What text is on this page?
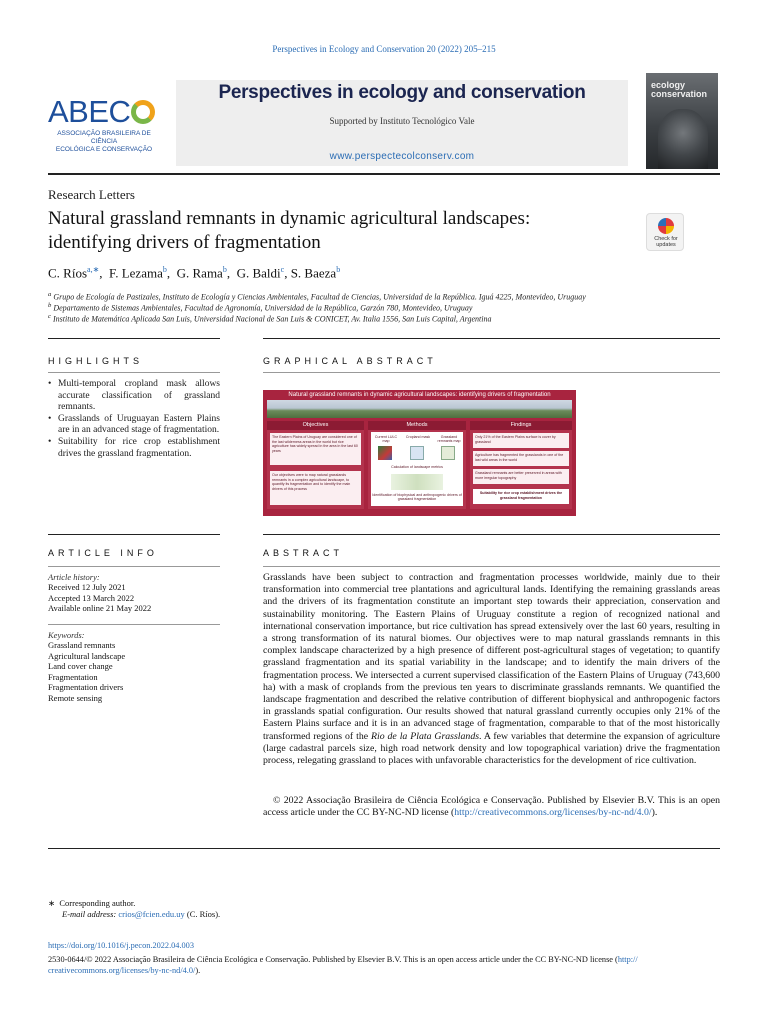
Perspectives in Ecology and Conservation 20 (2022) 205–215
ABEC
ASSOCIAÇÃO BRASILEIRA DE CIÊNCIA
ECOLÓGICA E CONSERVAÇÃO
Perspectives in ecology and conservation
Supported by Instituto Tecnológico Vale
www.perspectecolconserv.com
ecology conservation
Research Letters
Natural grassland remnants in dynamic agricultural landscapes:
identifying drivers of fragmentation	Check for updates
C. Ríos$^{a,∗}$,  F. Lezama$^b$,  G. Rama$^b$,  G. Baldi$^c$, S. Baeza$^b$
$^a$ Grupo de Ecología de Pastizales, Instituto de Ecología y Ciencias Ambientales, Facultad de Ciencias, Universidad de la República. Iguá 4225, Montevideo, Uruguay
$^b$ Departamento de Sistemas Ambientales, Facultad de Agronomía, Universidad de la República, Garzón 780, Montevideo, Uruguay
$^c$ Instituto de Matemática Aplicada San Luis, Universidad Nacional de San Luis & CONICET, Av. Italia 1556, San Luis Capital, Argentina
HIGHLIGHTS	GRAPHICAL ABSTRACT
• Multi-temporal cropland mask allows accurate classification of grassland remnants.
• Grasslands of Uruguayan Eastern Plains are in an advanced stage of fragmentation.
• Suitability for rice crop establishment drives the grassland fragmentation.
Natural grassland remnants in dynamic agricultural landscapes: identifying drivers of fragmentation
Objectives
The Eastern Plains of Uruguay are considered one of the last wilderness areas in the world but rice agriculture has widely spread in the area in the last 60 years
Our objectives were to map natural grasslands remnants in a complex agricultural landscape, to quantify its fragmentation and to identify the main drivers of this process
Methods
Current LULC map
Cropland mask	Grassland remnants map
Calculation of landscape metrics
Identification of biophysical and anthropogenic drivers of grassland fragmentation
Findings
Only 21% of the Eastern Plains surface is cover by grassland
Agriculture has fragmented the grasslands in one of the last wild areas in the world
Grassland remnants are better preserved in areas with more irregular topography
Suitability for rice crop establishment drives the grassland fragmentation
ARTICLE INFO	ABSTRACT
Article history:
Received 12 July 2021
Accepted 13 March 2022
Available online 21 May 2022
Keywords:
Grassland remnants
Agricultural landscape
Land cover change
Fragmentation
Fragmentation drivers
Remote sensing
Grasslands have been subject to contraction and fragmentation processes worldwide, mainly due to their transformation into commercial tree plantations and agricultural lands. Identifying the remaining grasslands areas and the drivers of its fragmentation constitute an important step towards their appreciation, conservation and sustainability monitoring. The Eastern Plains of Uruguay constitute a region of recognized national and international conservation importance, but rice cultivation has spread extensively over the last 60 years, resulting in a strong transformation of its natural biomes. Our objectives were to map natural grasslands remnants in this complex landscape characterized by a high presence of different post-agricultural stages of vegetation; to quantify grassland fragmentation and its spatial variability in the landscape; and to identify the main drivers of the fragmentation process. We intersected a current supervised classification of the Eastern Plains of Uruguay (743,600 ha) with a mask of croplands from the previous ten years to discriminate grasslands remnants. We quantified the landscape fragmentation and described the relative contribution of different biophysical and anthropogenic factors in grasslands spatial configuration. Our results showed that natural grassland currently occupies only 21% of the Eastern Plains surface and it is in an advanced stage of fragmentation, comparable to that of the most historically transformed regions of the Rio de la Plata Grasslands. A few variables that determine the expansion of agriculture (large cadastral parcels size, high road network density and low topographical variation) drive the fragmentation process, relegating grassland to places with unfavorable characteristics for the development of rice cultivation.
© 2022 Associação Brasileira de Ciência Ecológica e Conservação. Published by Elsevier B.V. This is an open access article under the CC BY-NC-ND license (http://creativecommons.org/licenses/by-nc-nd/4.0/).
∗ Corresponding author.
E-mail address: crios@fcien.edu.uy (C. Ríos).
https://doi.org/10.1016/j.pecon.2022.04.003
2530-0644/© 2022 Associação Brasileira de Ciência Ecológica e Conservação. Published by Elsevier B.V. This is an open access article under the CC BY-NC-ND license (http://
creativecommons.org/licenses/by-nc-nd/4.0/).
